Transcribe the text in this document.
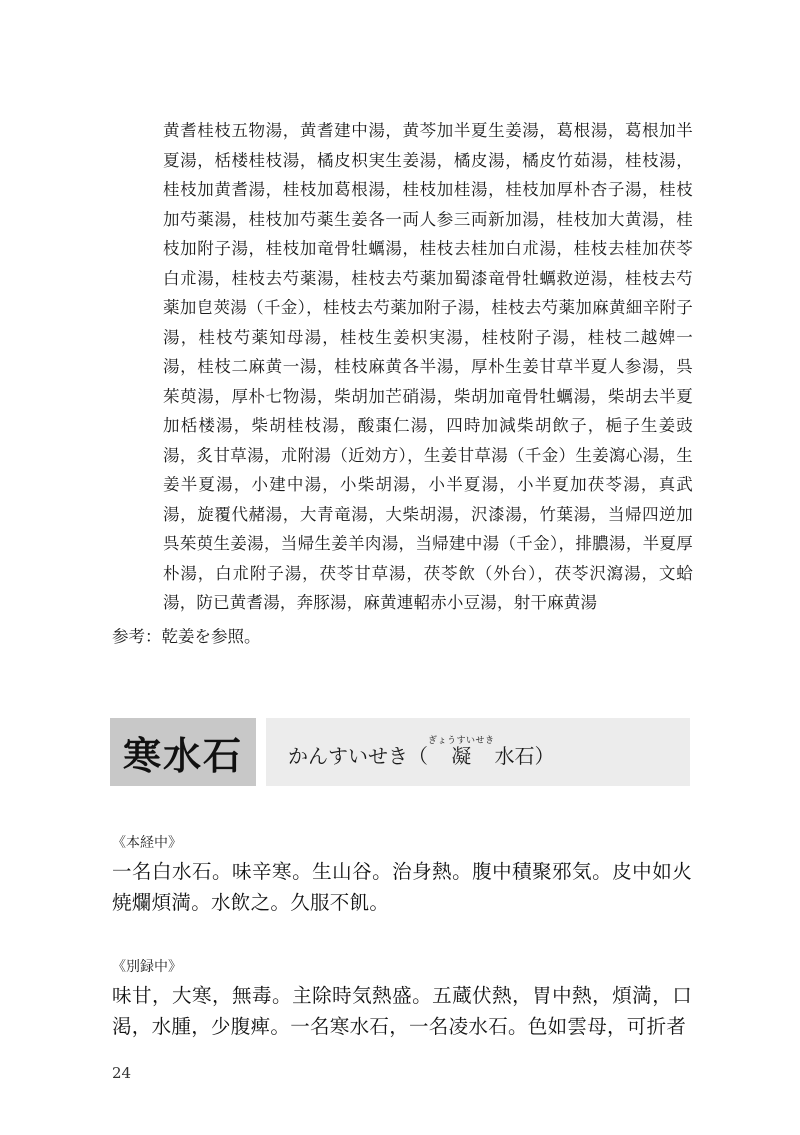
黄耆桂枝五物湯，黄耆建中湯，黄芩加半夏生姜湯，葛根湯，葛根加半夏湯，栝楼桂枝湯，橘皮枳実生姜湯，橘皮湯，橘皮竹茹湯，桂枝湯，桂枝加黄耆湯，桂枝加葛根湯，桂枝加桂湯，桂枝加厚朴杏子湯，桂枝加芍薬湯，桂枝加芍薬生姜各一両人参三両新加湯，桂枝加大黄湯，桂枝加附子湯，桂枝加竜骨牡蠣湯，桂枝去桂加白朮湯，桂枝去桂加茯苓白朮湯，桂枝去芍薬湯，桂枝去芍薬加蜀漆竜骨牡蠣救逆湯，桂枝去芍薬加皀莢湯（千金），桂枝去芍薬加附子湯，桂枝去芍薬加麻黄細辛附子湯，桂枝芍薬知母湯，桂枝生姜枳実湯，桂枝附子湯，桂枝二越婢一湯，桂枝二麻黄一湯，桂枝麻黄各半湯，厚朴生姜甘草半夏人参湯，呉茱萸湯，厚朴七物湯，柴胡加芒硝湯，柴胡加竜骨牡蠣湯，柴胡去半夏加栝楼湯，柴胡桂枝湯，酸棗仁湯，四時加減柴胡飲子，梔子生姜豉湯，炙甘草湯，朮附湯（近効方），生姜甘草湯（千金）生姜瀉心湯，生姜半夏湯，小建中湯，小柴胡湯，小半夏湯，小半夏加茯苓湯，真武湯，旋覆代赭湯，大青竜湯，大柴胡湯，沢漆湯，竹葉湯，当帰四逆加呉茱萸生姜湯，当帰生姜羊肉湯，当帰建中湯（千金），排膿湯，半夏厚朴湯，白朮附子湯，茯苓甘草湯，茯苓飲（外台），茯苓沢瀉湯，文蛤湯，防已黄耆湯，奔豚湯，麻黄連軺赤小豆湯，射干麻黄湯
参考：乾姜を参照。
寒水石	かんすいせき（ 凝ぎょうすいせき
水石）
《本経中》
一名白水石。味辛寒。生山谷。治身熱。腹中積聚邪気。皮中如火焼爛煩満。水飲之。久服不飢。
《別録中》
味甘，大寒，無毒。主除時気熱盛。五蔵伏熱，胃中熱，煩満，口渇，水腫，少腹痺。一名寒水石，一名凌水石。色如雲母，可折者
24
